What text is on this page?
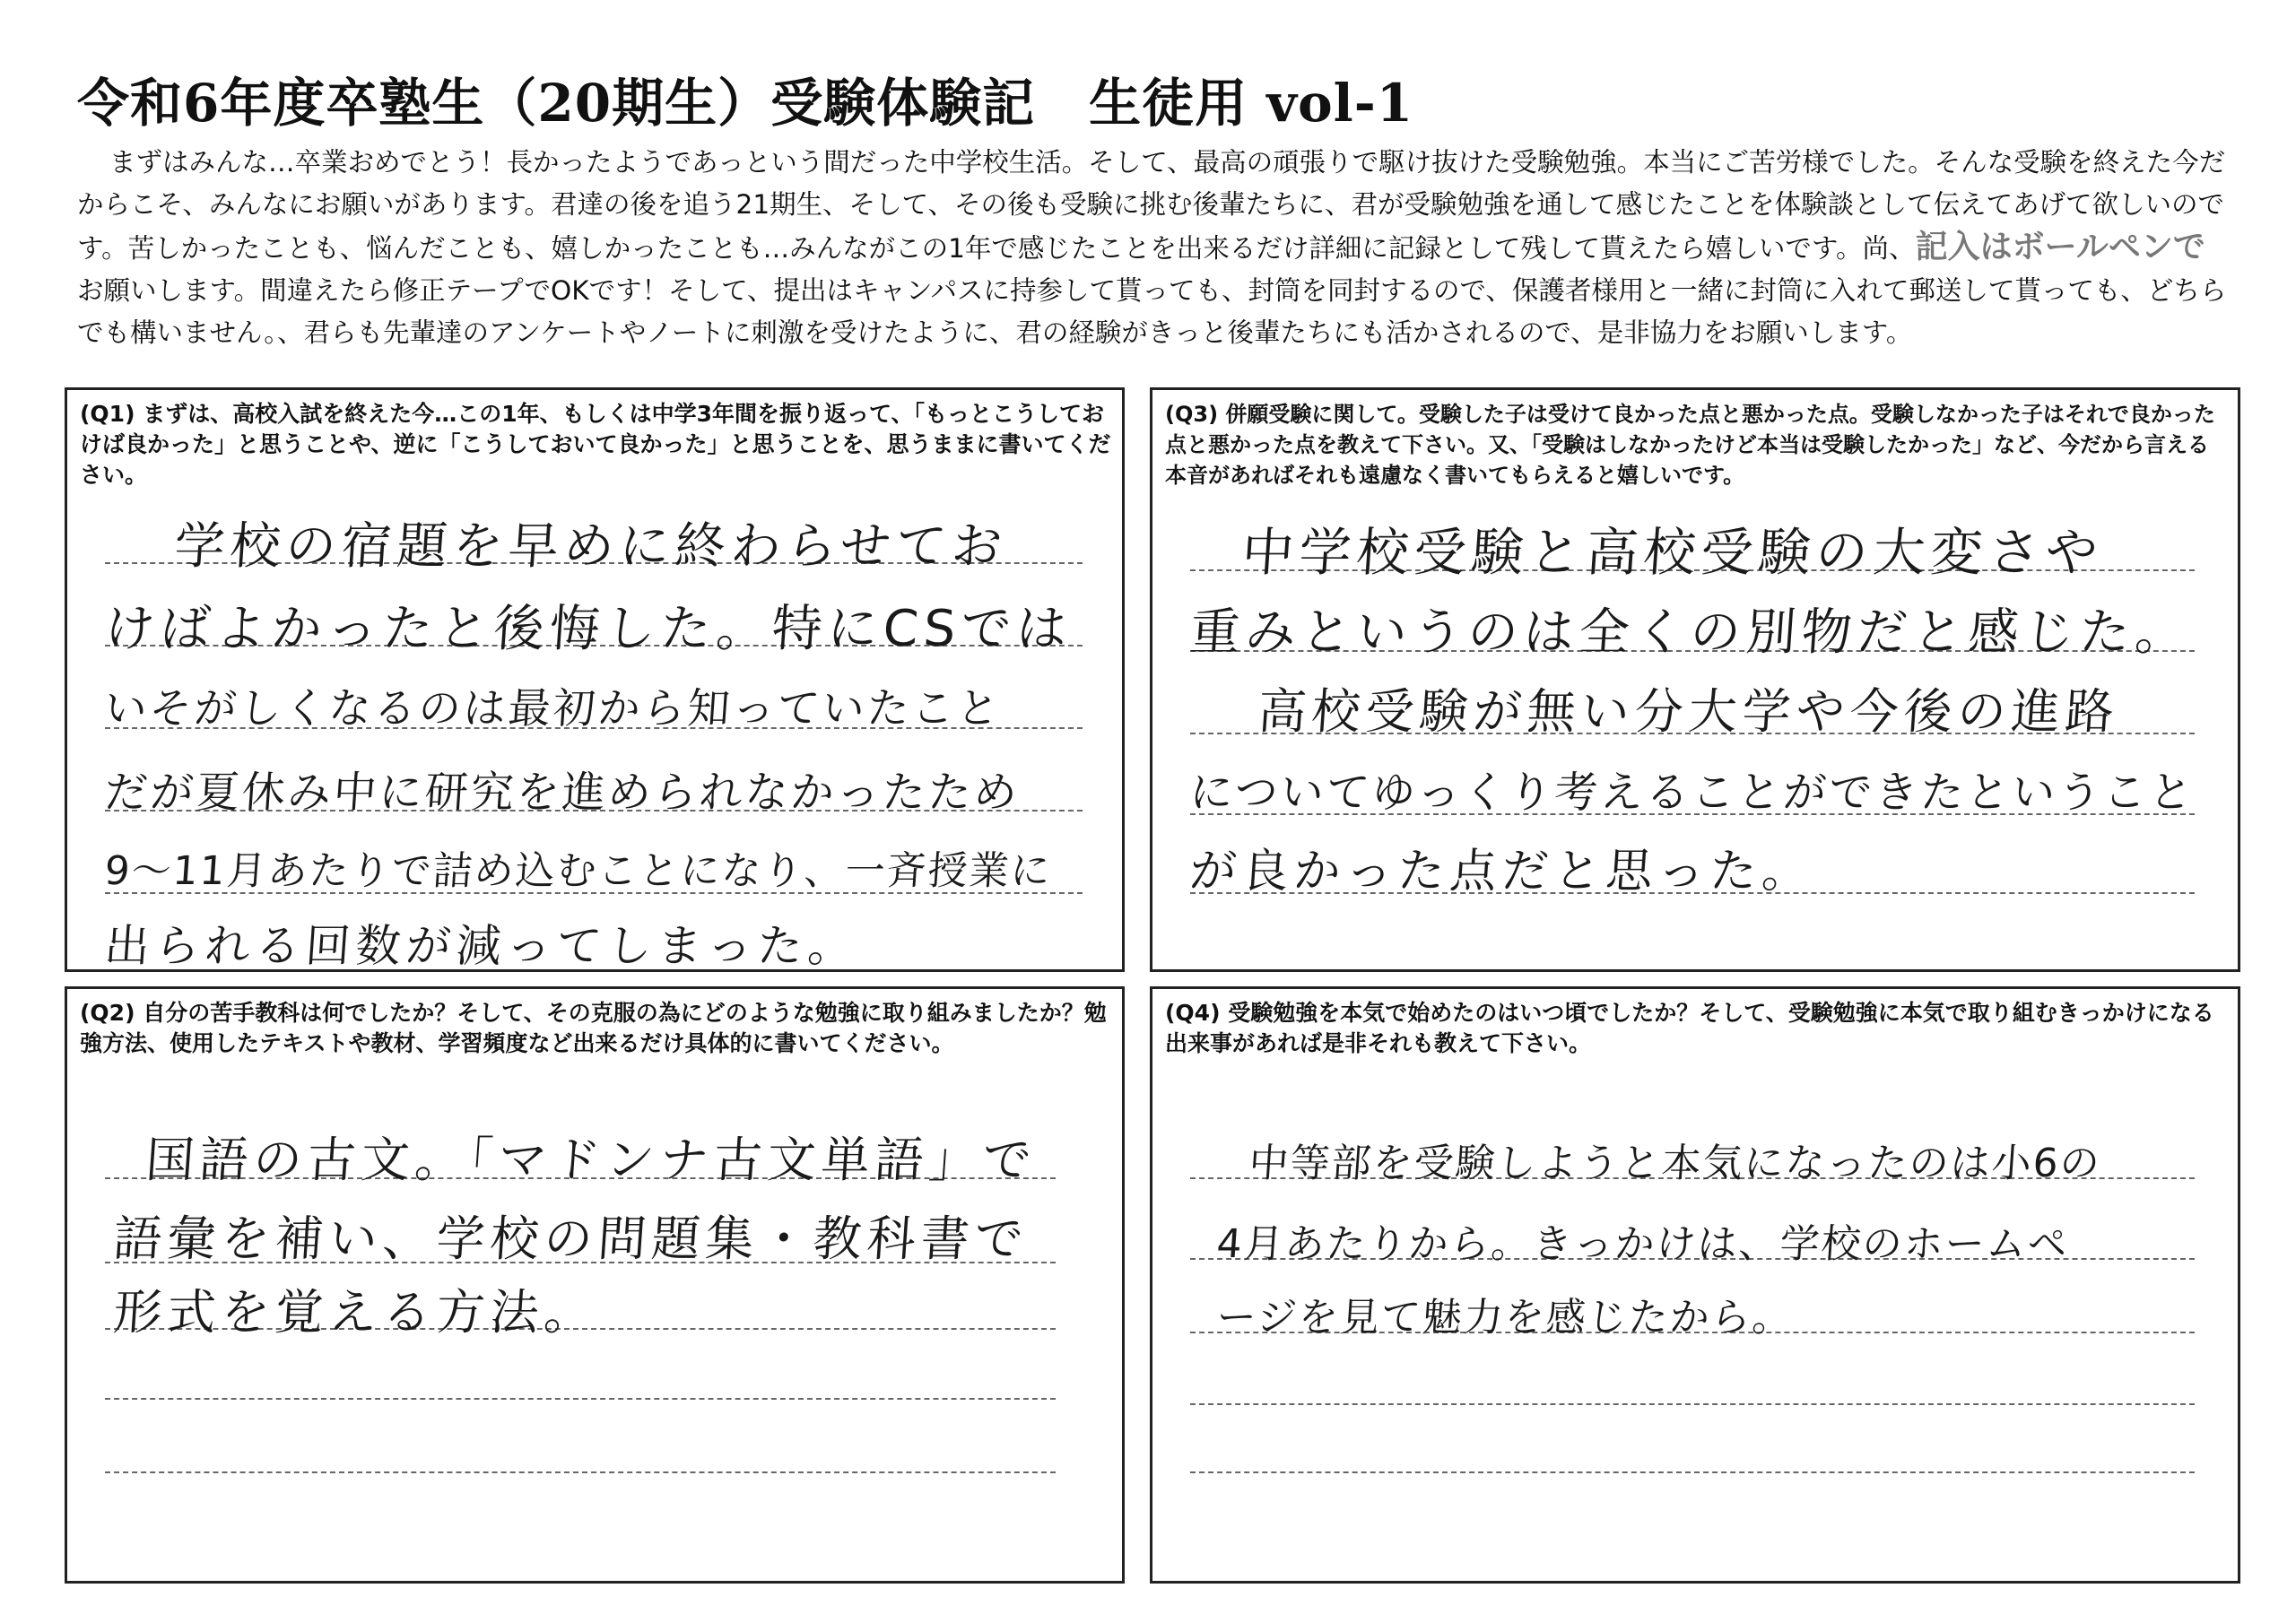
令和6年度卒塾生（20期生）受験体験記 生徒用 vol-1
まずはみんな…卒業おめでとう！長かったようであっという間だった中学校生活。そして、最高の頑張りで駆け抜けた受験勉強。本当にご苦労様でした。そんな受験を終えた今だからこそ、みんなにお願いがあります。君達の後を追う21期生、そして、その後も受験に挑む後輩たちに、君が受験勉強を通して感じたことを体験談として伝えてあげて欲しいのです。苦しかったことも、悩んだことも、嬉しかったことも…みんながこの1年で感じたことを出来るだけ詳細に記録として残して貰えたら嬉しいです。尚、記入はボールペンでお願いします。間違えたら修正テープでOKです！そして、提出はキャンパスに持参して貰っても、封筒を同封するので、保護者様用と一緒に封筒に入れて郵送して貰っても、どちらでも構いません。、君らも先輩達のアンケートやノートに刺激を受けたように、君の経験がきっと後輩たちにも活かされるので、是非協力をお願いします。
(Q1) まずは、高校入試を終えた今…この1年、もしくは中学3年間を振り返って、「もっとこうしておけば良かった」と思うことや、逆に「こうしておいて良かった」と思うことを、思うままに書いてください。
学校の宿題を早めに終わらせてお
けばよかったと後悔した。特にCSでは
いそがしくなるのは最初から知っていたこと
だが夏休み中に研究を進められなかったため
9～11月あたりで詰め込むことになり、一斉授業に
出られる回数が減ってしまった。
(Q3) 併願受験に関して。受験した子は受けて良かった点と悪かった点。受験しなかった子はそれで良かった点と悪かった点を教えて下さい。又、「受験はしなかったけど本当は受験したかった」など、今だから言える本音があればそれも遠慮なく書いてもらえると嬉しいです。
中学校受験と高校受験の大変さや
重みというのは全くの別物だと感じた。
高校受験が無い分大学や今後の進路
についてゆっくり考えることができたということ
が良かった点だと思った。
(Q2) 自分の苦手教科は何でしたか？そして、その克服の為にどのような勉強に取り組みましたか？勉強方法、使用したテキストや教材、学習頻度など出来るだけ具体的に書いてください。
国語の古文。「マドンナ古文単語」で
語彙を補い、学校の問題集・教科書で
形式を覚える方法。
(Q4) 受験勉強を本気で始めたのはいつ頃でしたか？そして、受験勉強に本気で取り組むきっかけになる出来事があれば是非それも教えて下さい。
中等部を受験しようと本気になったのは小6の
4月あたりから。きっかけは、学校のホームペ
ージを見て魅力を感じたから。
